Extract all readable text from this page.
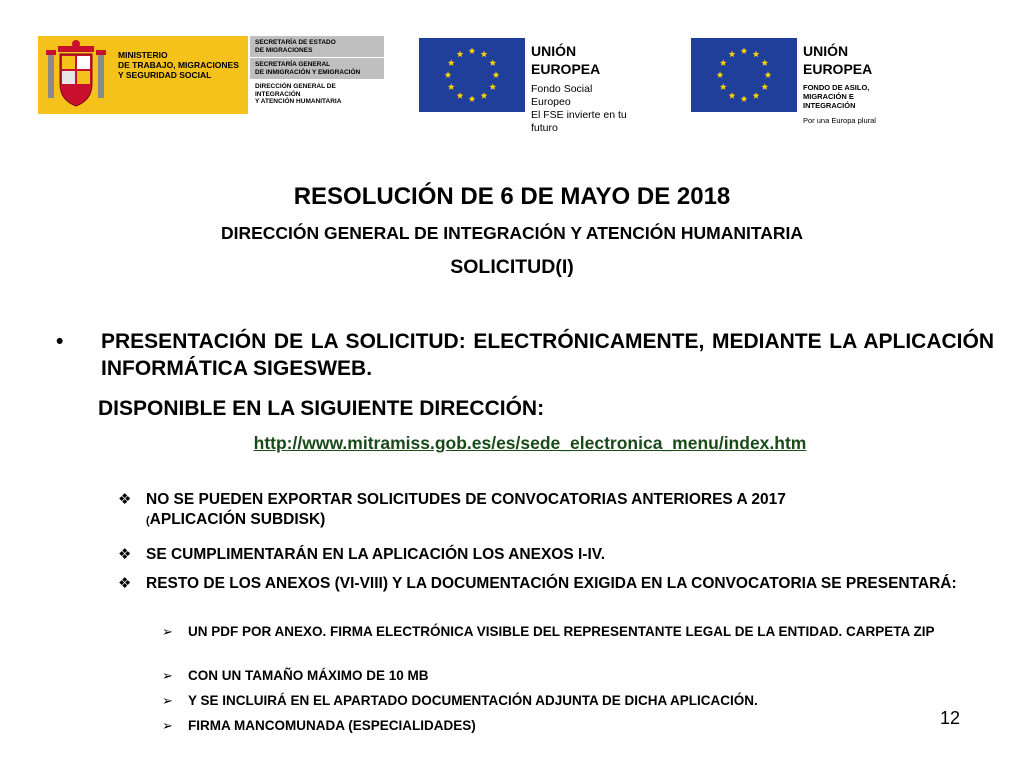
MINISTERIO
DE TRABAJO, MIGRACIONES
Y SEGURIDAD SOCIAL
SECRETARÍA DE ESTADO
DE MIGRACIONES
SECRETARÍA GENERAL
DE INMIGRACIÓN Y EMIGRACIÓN
DIRECCIÓN GENERAL DE INTEGRACIÓN
Y ATENCIÓN HUMANITARIA
UNIÓN EUROPEA
Fondo Social Europeo
El FSE invierte en tu futuro
UNIÓN EUROPEA
FONDO DE ASILO,
MIGRACIÓN E INTEGRACIÓN
Por una Europa plural
RESOLUCIÓN DE 6 DE MAYO DE 2018
DIRECCIÓN GENERAL DE INTEGRACIÓN Y ATENCIÓN HUMANITARIA
SOLICITUD(I)
• PRESENTACIÓN DE LA SOLICITUD: ELECTRÓNICAMENTE, MEDIANTE LA APLICACIÓN INFORMÁTICA SIGESWEB.
DISPONIBLE EN LA SIGUIENTE DIRECCIÓN:
http://www.mitramiss.gob.es/es/sede_electronica_menu/index.htm
❖ NO SE PUEDEN EXPORTAR SOLICITUDES DE CONVOCATORIAS ANTERIORES A 2017
(APLICACIÓN SUBDISK)
❖ SE CUMPLIMENTARÁN EN LA APLICACIÓN LOS ANEXOS I-IV.
❖ RESTO DE LOS ANEXOS (VI-VIII) Y LA DOCUMENTACIÓN EXIGIDA EN LA CONVOCATORIA SE PRESENTARÁ:
➢ UN PDF POR ANEXO. FIRMA ELECTRÓNICA VISIBLE DEL REPRESENTANTE LEGAL DE LA ENTIDAD. CARPETA ZIP
➢ CON UN TAMAÑO MÁXIMO DE 10 MB
➢ Y SE INCLUIRÁ EN EL APARTADO DOCUMENTACIÓN ADJUNTA DE DICHA APLICACIÓN.
➢ FIRMA MANCOMUNADA (ESPECIALIDADES)	12
